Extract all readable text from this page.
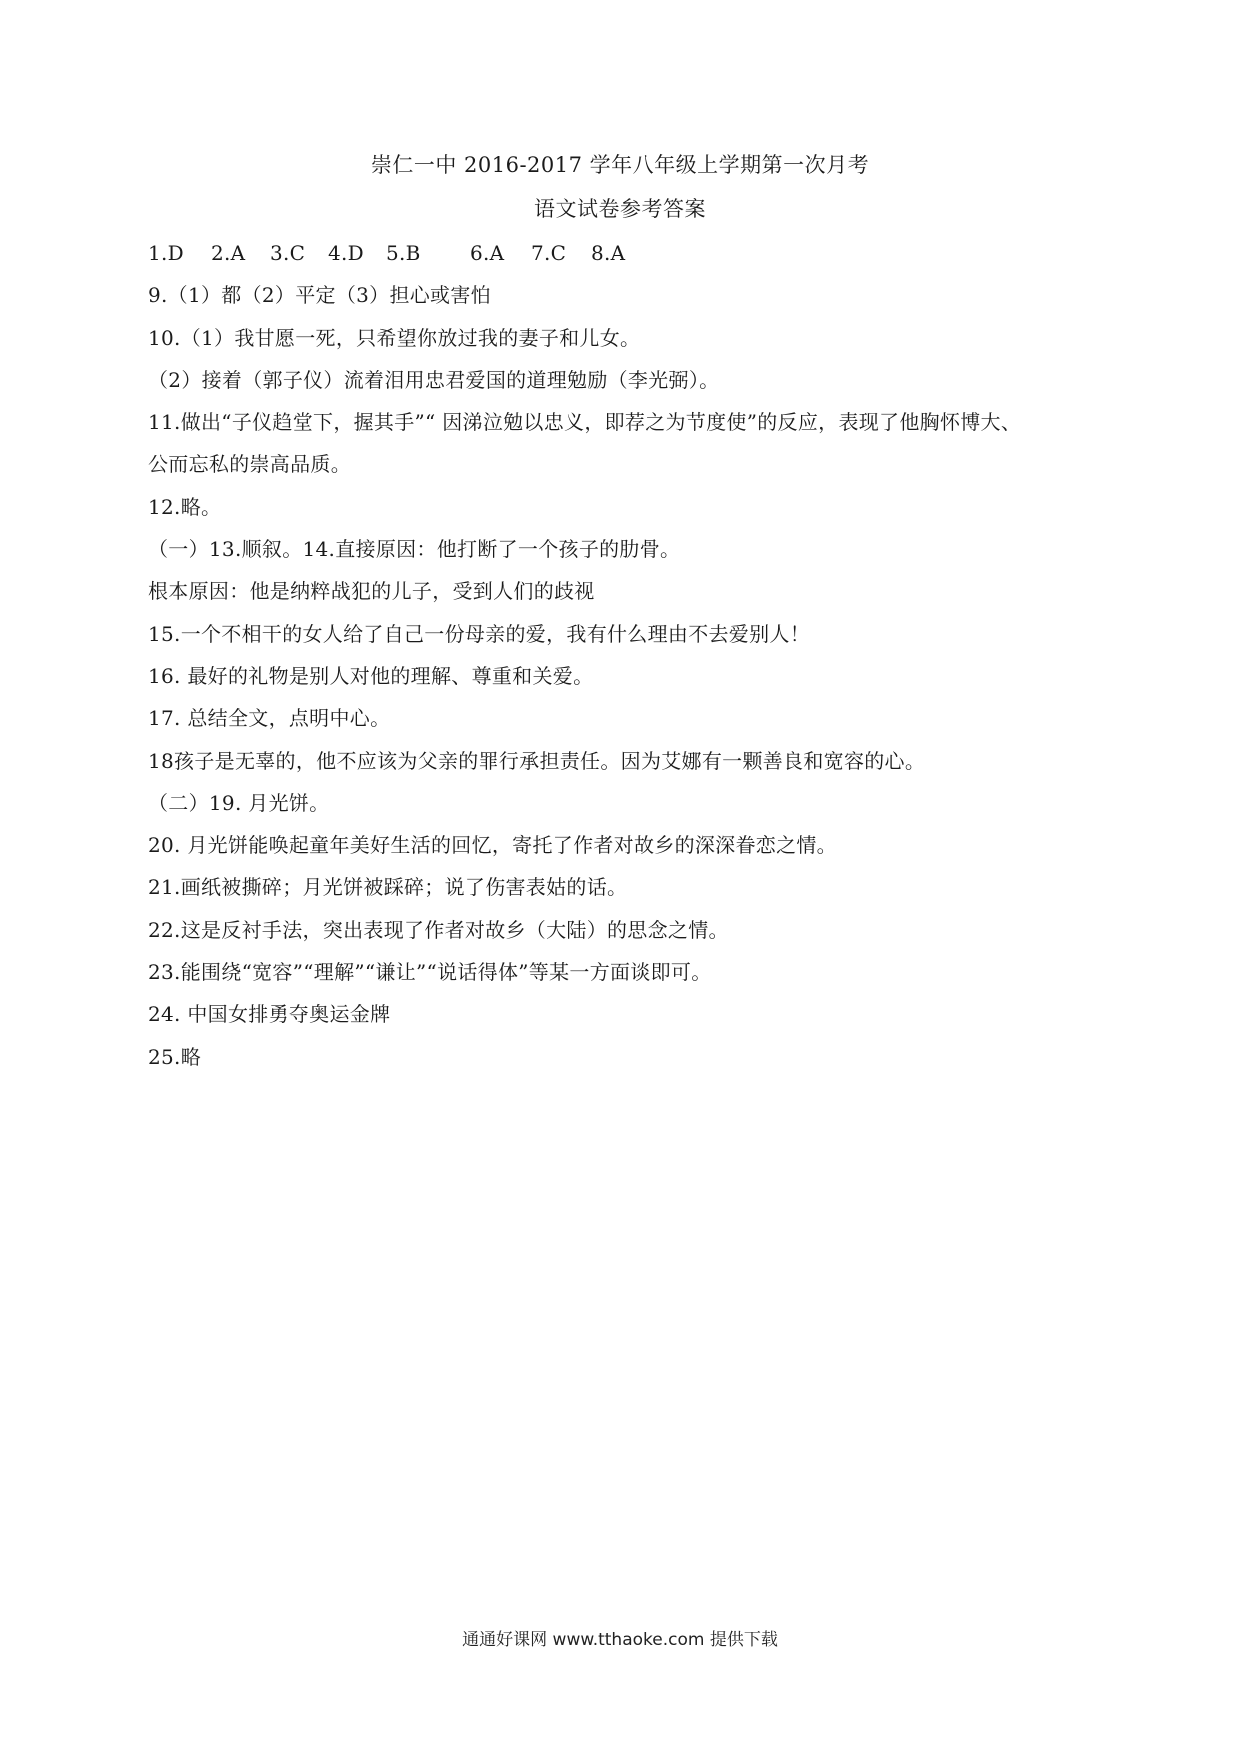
崇仁一中 2016-2017 学年八年级上学期第一次月考
语文试卷参考答案
1.D	2.A	3.C	4.D	5.B	6.A	7.C	8.A
9.（1）都（2）平定（3）担心或害怕
10.（1）我甘愿一死，只希望你放过我的妻子和儿女。
（2）接着（郭子仪）流着泪用忠君爱国的道理勉励（李光弼）。
11.做出“子仪趋堂下，握其手”“ 因涕泣勉以忠义，即荐之为节度使”的反应，表现了他胸怀博大、
公而忘私的崇高品质。
12.略。
（一）13.顺叙。14.直接原因：他打断了一个孩子的肋骨。
根本原因：他是纳粹战犯的儿子，受到人们的歧视
15.一个不相干的女人给了自己一份母亲的爱，我有什么理由不去爱别人！
16. 最好的礼物是别人对他的理解、尊重和关爱。
17. 总结全文，点明中心。
18孩子是无辜的，他不应该为父亲的罪行承担责任。因为艾娜有一颗善良和宽容的心。
（二）19. 月光饼。
20. 月光饼能唤起童年美好生活的回忆，寄托了作者对故乡的深深眷恋之情。
21.画纸被撕碎；月光饼被踩碎；说了伤害表姑的话。
22.这是反衬手法，突出表现了作者对故乡（大陆）的思念之情。
23.能围绕“宽容”“理解”“谦让”“说话得体”等某一方面谈即可。
24. 中国女排勇夺奥运金牌
25.略
通通好课网 www.tthaoke.com 提供下载
